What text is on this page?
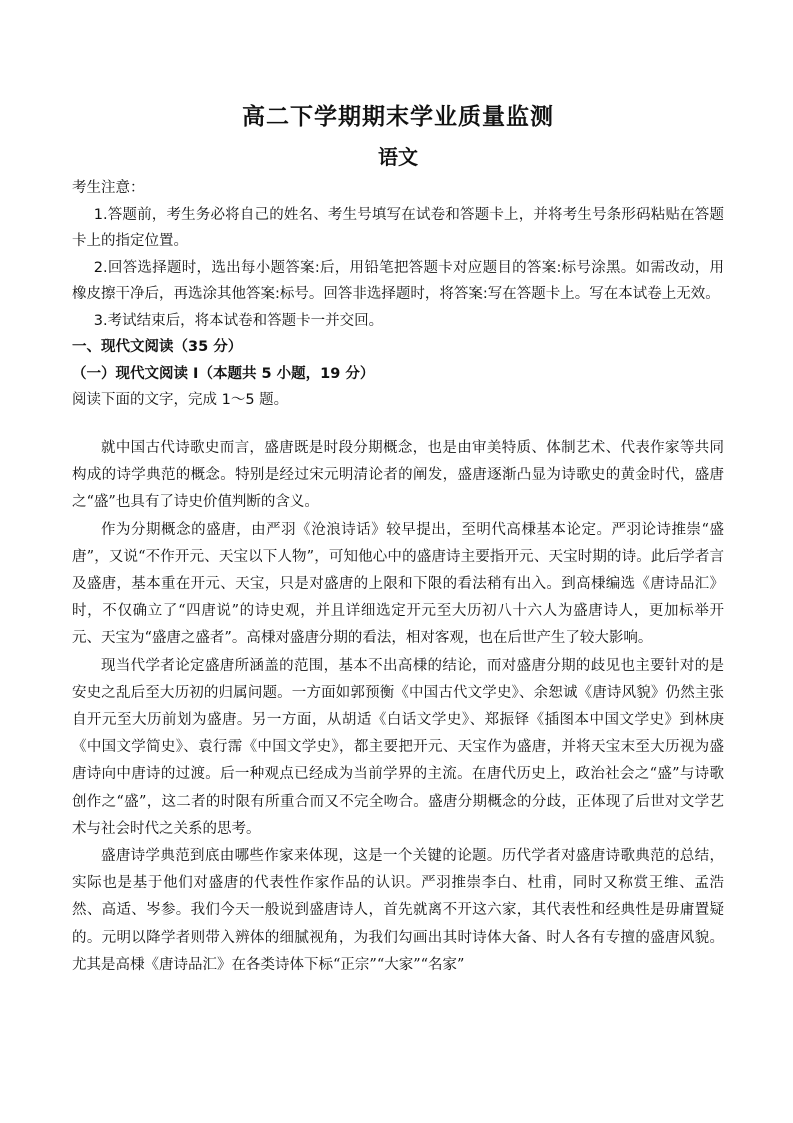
高二下学期期末学业质量监测
语文

考生注意：

1.答题前，考生务必将自己的姓名、考生号填写在试卷和答题卡上，并将考生号条形码粘贴在答题卡上的指定位置。

2.回答选择题时，选出每小题答案:后，用铅笔把答题卡对应题目的答案:标号涂黑。如需改动，用橡皮擦干净后，再选涂其他答案:标号。回答非选择题时，将答案:写在答题卡上。写在本试卷上无效。

3.考试结束后，将本试卷和答题卡一并交回。

一、现代文阅读（35 分）

（一）现代文阅读 I（本题共 5 小题，19 分）

阅读下面的文字，完成 1～5 题。

就中国古代诗歌史而言，盛唐既是时段分期概念，也是由审美特质、体制艺术、代表作家等共同构成的诗学典范的概念。特别是经过宋元明清论者的阐发，盛唐逐渐凸显为诗歌史的黄金时代，盛唐之“盛”也具有了诗史价值判断的含义。

作为分期概念的盛唐，由严羽《沧浪诗话》较早提出，至明代高棅基本论定。严羽论诗推崇“盛唐”，又说“不作开元、天宝以下人物”，可知他心中的盛唐诗主要指开元、天宝时期的诗。此后学者言及盛唐，基本重在开元、天宝，只是对盛唐的上限和下限的看法稍有出入。到高棅编选《唐诗品汇》时，不仅确立了“四唐说”的诗史观，并且详细选定开元至大历初八十六人为盛唐诗人，更加标举开元、天宝为“盛唐之盛者”。高棅对盛唐分期的看法，相对客观，也在后世产生了较大影响。

现当代学者论定盛唐所涵盖的范围，基本不出高棅的结论，而对盛唐分期的歧见也主要针对的是安史之乱后至大历初的归属问题。一方面如郭预衡《中国古代文学史》、余恕诚《唐诗风貌》仍然主张自开元至大历前划为盛唐。另一方面，从胡适《白话文学史》、郑振铎《插图本中国文学史》到林庚《中国文学简史》、袁行霈《中国文学史》，都主要把开元、天宝作为盛唐，并将天宝末至大历视为盛唐诗向中唐诗的过渡。后一种观点已经成为当前学界的主流。在唐代历史上，政治社会之“盛”与诗歌创作之“盛”，这二者的时限有所重合而又不完全吻合。盛唐分期概念的分歧，正体现了后世对文学艺术与社会时代之关系的思考。

盛唐诗学典范到底由哪些作家来体现，这是一个关键的论题。历代学者对盛唐诗歌典范的总结，实际也是基于他们对盛唐的代表性作家作品的认识。严羽推崇李白、杜甫，同时又称赏王维、孟浩然、高适、岑参。我们今天一般说到盛唐诗人，首先就离不开这六家，其代表性和经典性是毋庸置疑的。元明以降学者则带入辨体的细腻视角，为我们勾画出其时诗体大备、时人各有专擅的盛唐风貌。尤其是高棅《唐诗品汇》在各类诗体下标“正宗”“大家”“名家”
